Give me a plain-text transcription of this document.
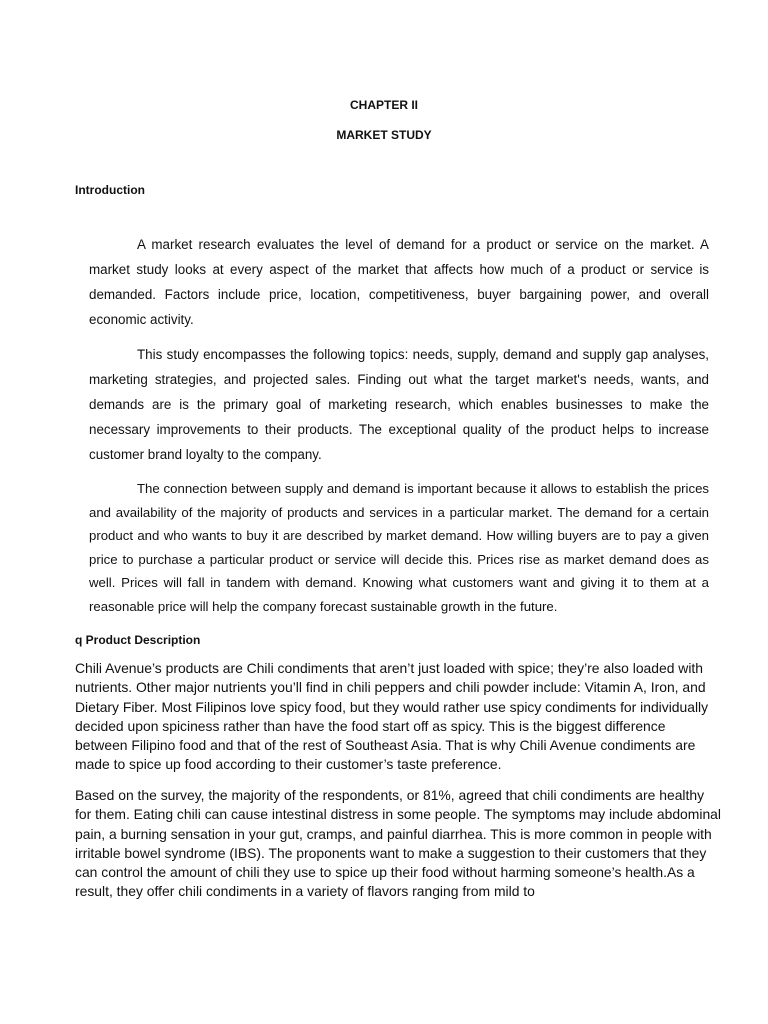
CHAPTER II
MARKET STUDY
Introduction

A market research evaluates the level of demand for a product or service on the market. A market study looks at every aspect of the market that affects how much of a product or service is demanded. Factors include price, location, competitiveness, buyer bargaining power, and overall economic activity.

This study encompasses the following topics: needs, supply, demand and supply gap analyses, marketing strategies, and projected sales. Finding out what the target market's needs, wants, and demands are is the primary goal of marketing research, which enables businesses to make the necessary improvements to their products. The exceptional quality of the product helps to increase customer brand loyalty to the company.

The connection between supply and demand is important because it allows to establish the prices and availability of the majority of products and services in a particular market. The demand for a certain product and who wants to buy it are described by market demand. How willing buyers are to pay a given price to purchase a particular product or service will decide this. Prices rise as market demand does as well. Prices will fall in tandem with demand. Knowing what customers want and giving it to them at a reasonable price will help the company forecast sustainable growth in the future.

q Product Description

Chili Avenue’s products are Chili condiments that aren’t just loaded with spice; they’re also loaded with nutrients. Other major nutrients you’ll find in chili peppers and chili powder include: Vitamin A, Iron, and Dietary Fiber. Most Filipinos love spicy food, but they would rather use spicy condiments for individually decided upon spiciness rather than have the food start off as spicy. This is the biggest difference between Filipino food and that of the rest of Southeast Asia. That is why Chili Avenue condiments are made to spice up food according to their customer’s taste preference.

Based on the survey, the majority of the respondents, or 81%, agreed that chili condiments are healthy for them. Eating chili can cause intestinal distress in some people. The symptoms may include abdominal pain, a burning sensation in your gut, cramps, and painful diarrhea. This is more common in people with irritable bowel syndrome (IBS). The proponents want to make a suggestion to their customers that they can control the amount of chili they use to spice up their food without harming someone’s health.As a result, they offer chili condiments in a variety of flavors ranging from mild to
